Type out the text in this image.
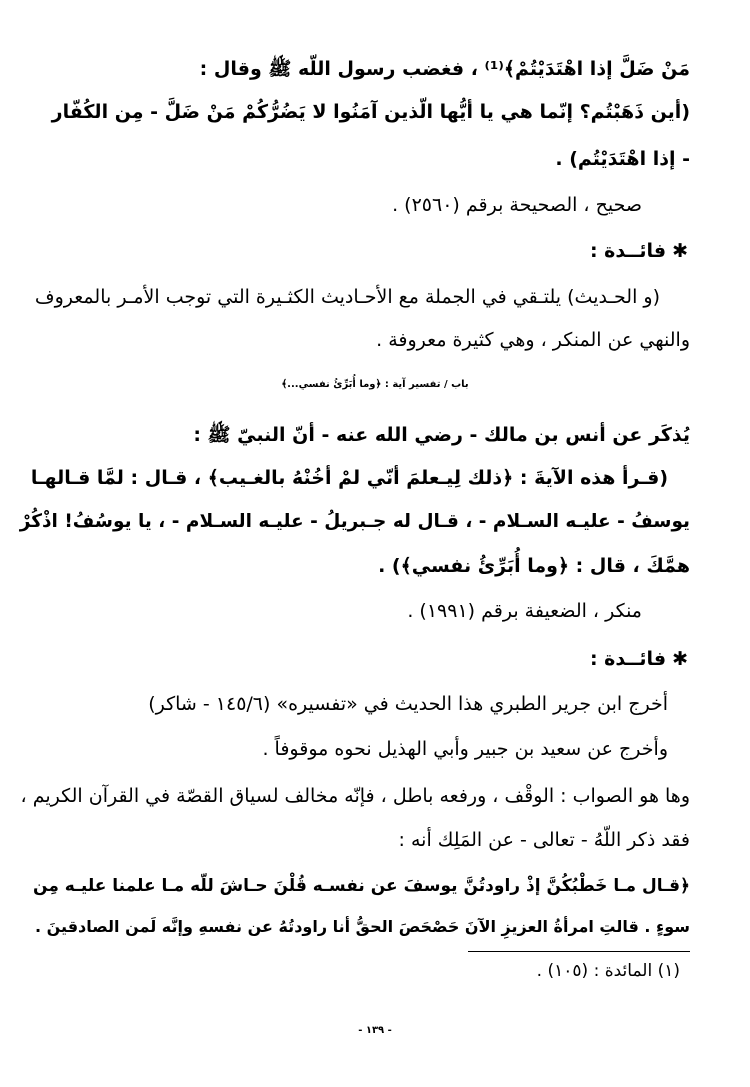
مَنْ ضَلَّ إذا اهْتَدَيْتُمْ﴾⁽¹⁾ ، فغضب رسول اللّه ﷺ وقال :
(أين ذَهَبْتُم؟ إنّما هي يا أيُّها الّذين آمَنُوا لا يَضُرُّكُمْ مَنْ ضَلَّ - مِن الكُفّار
- إذا اهْتَدَيْتُم) .
صحيح ، الصحيحة برقم (٢٥٦٠) .
✱فائــدة :
(و الحـديث) يلتـقي في الجملة مع الأحـاديث الكثـيرة التي توجب الأمـر بالمعروف
والنهي عن المنكر ، وهي كثيرة معروفة .
باب / تفسير آية : ﴿وما أُبَرِّئُ نفسي...﴾
يُذكَر عن أنس بن مالك - رضي الله عنه - أنّ النبيّ ﷺ :
(قـرأ هذه الآيةَ : ﴿ذلك لِيـعلمَ أنّي لمْ أخُنْهُ بالغـيب﴾ ، قـال : لمَّا قـالهـا
يوسفُ - عليـه السـلام - ، قـال له جـبريلُ - عليـه السـلام - ، يا يوسُفُ! اذْكُرْ
همَّكَ ، قال : ﴿وما أُبَرِّئُ نفسي﴾) .
منكر ، الضعيفة برقم (١٩٩١) .
✱فائــدة :
أخرج ابن جرير الطبري هذا الحديث في «تفسيره» (١٤٥/٦ - شاكر)
وأخرج عن سعيد بن جبير وأبي الهذيل نحوه موقوفاً .
وها هو الصواب : الوقْف ، ورفعه باطل ، فإنّه مخالف لسياق القصّة في القرآن الكريم ،
فقد ذكر اللّهُ - تعالى - عن المَلِك أنه :
﴿قـال مـا خَطْبُكُنَّ إذْ راودتُنَّ يوسفَ عن نفسـه قُلْنَ حـاشَ للّه مـا علمنا عليـه مِن
سوءٍ . قالتِ امرأةُ العزيزِ الآنَ حَصْحَصَ الحقُّ أنا راودتُهُ عن نفسهِ وإنَّه لَمن الصادقينَ .
(١) المائدة : (١٠٥) .
- ١٣٩ -
